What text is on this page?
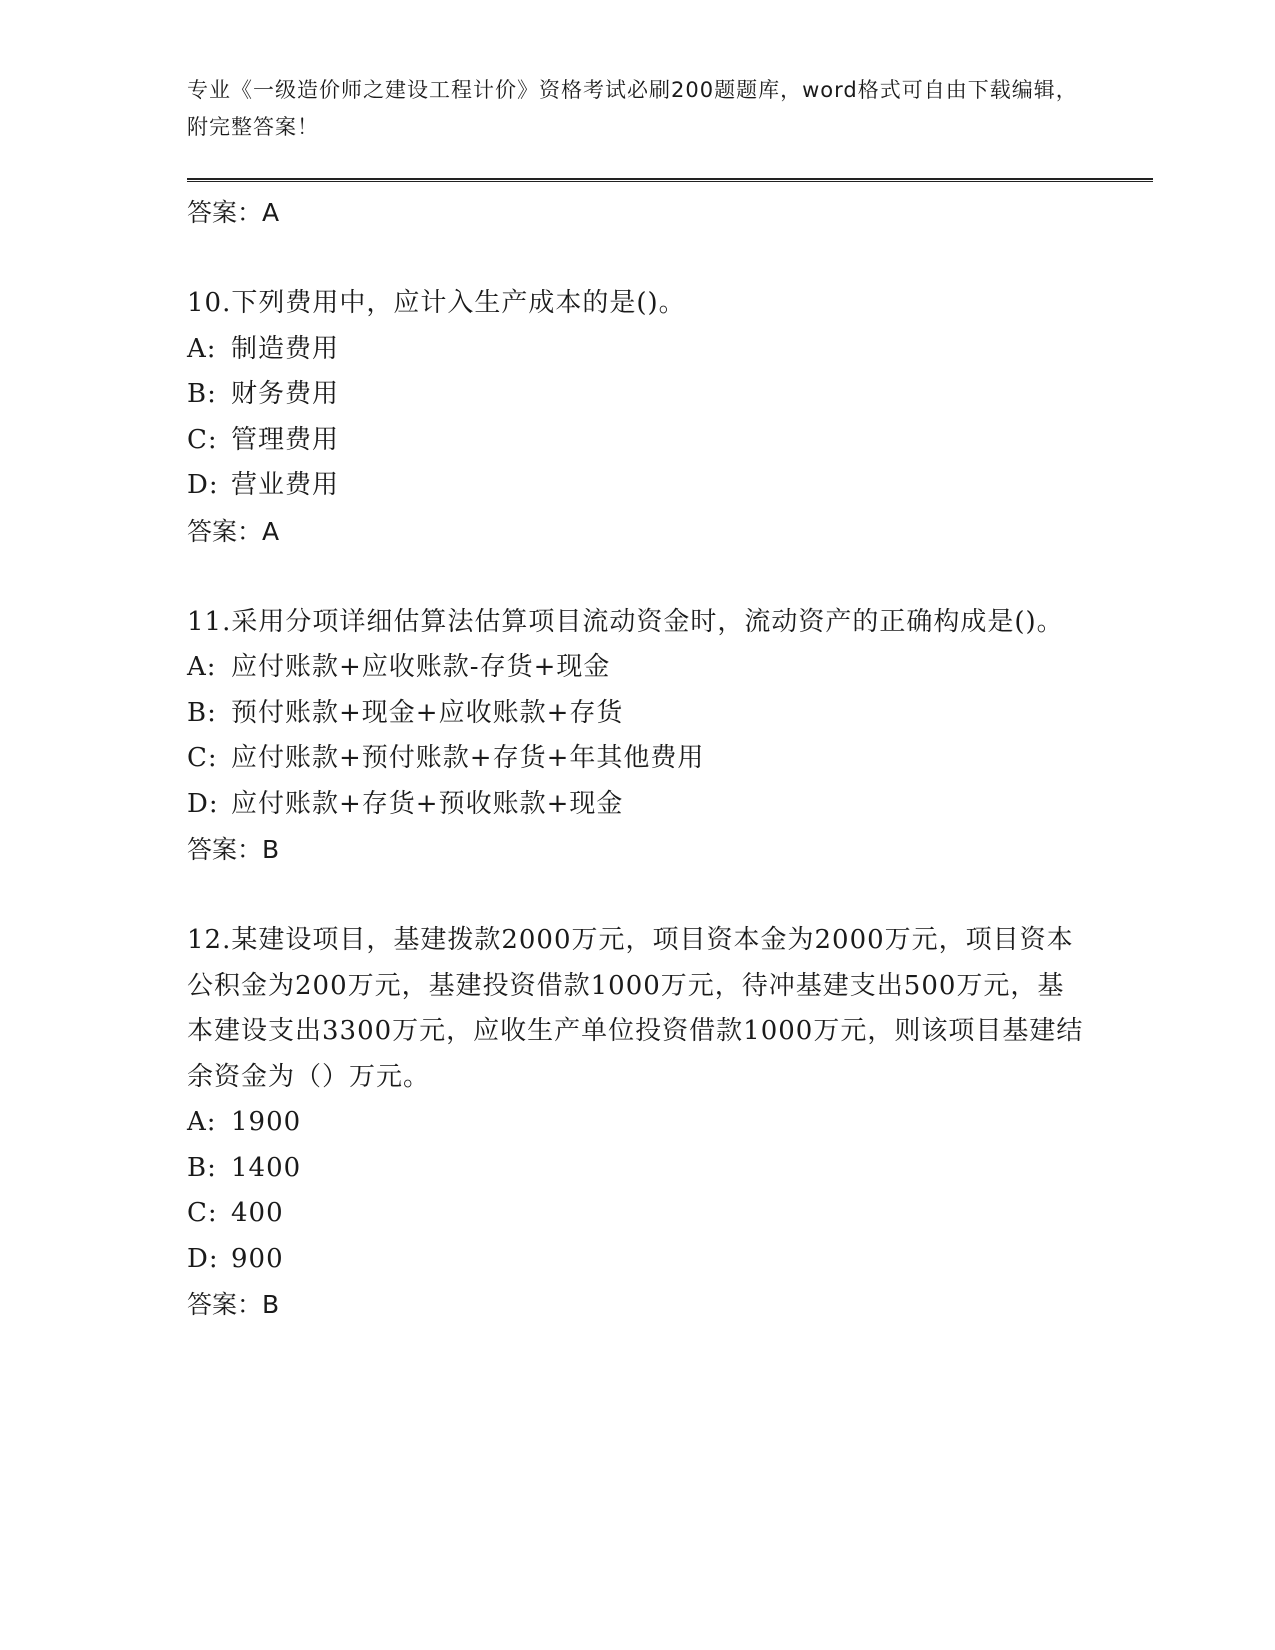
专业《一级造价师之建设工程计价》资格考试必刷200题题库，word格式可自由下载编辑，附完整答案！
答案：A
10.下列费用中，应计入生产成本的是()。
A: 制造费用
B: 财务费用
C: 管理费用
D: 营业费用
答案：A
11.采用分项详细估算法估算项目流动资金时，流动资产的正确构成是()。
A: 应付账款+应收账款-存货+现金
B: 预付账款+现金+应收账款+存货
C: 应付账款+预付账款+存货+年其他费用
D: 应付账款+存货+预收账款+现金
答案：B
12.某建设项目，基建拨款2000万元，项目资本金为2000万元，项目资本公积金为200万元，基建投资借款1000万元，待冲基建支出500万元，基本建设支出3300万元，应收生产单位投资借款1000万元，则该项目基建结余资金为（）万元。
A: 1900
B: 1400
C: 400
D: 900
答案：B
